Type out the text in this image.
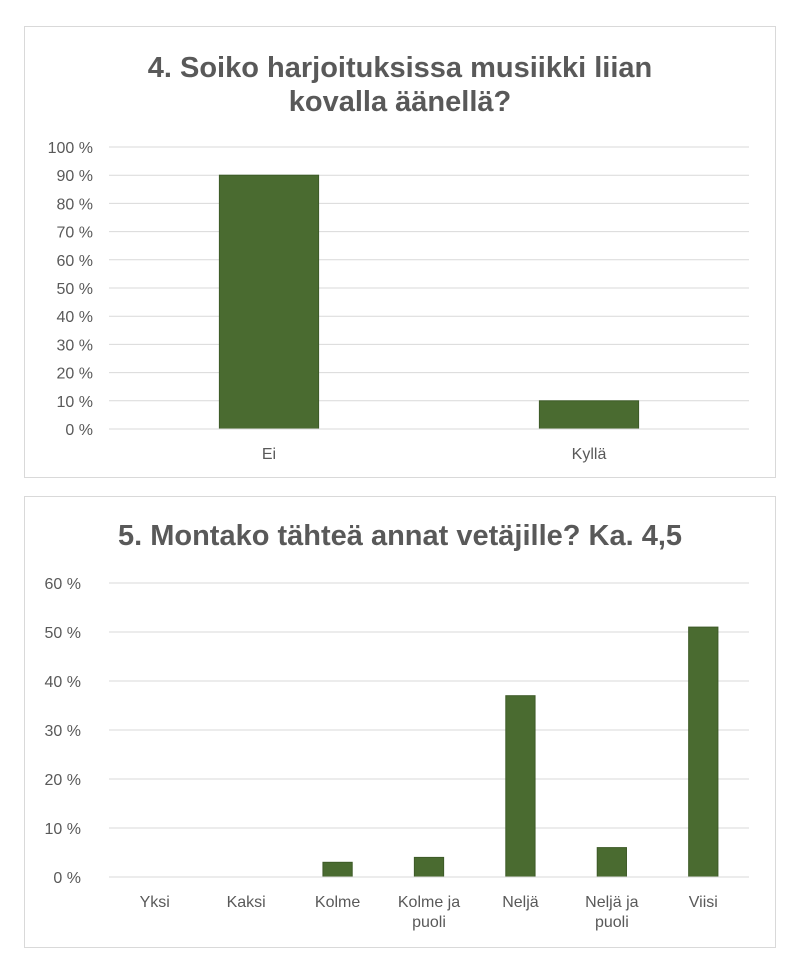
4. Soiko harjoituksissa musiikki liian
kovalla äänellä?
0 %
10 %
20 %
30 %
40 %
50 %
60 %
70 %
80 %
90 %
100 %
Ei	Kyllä
5. Montako tähteä annat vetäjille? Ka. 4,5
0 %
10 %
20 %
30 %
40 %
50 %
60 %
Yksi	Kaksi	Kolme Kolme ja
puoli
Neljä	Neljä ja
puoli
Viisi
